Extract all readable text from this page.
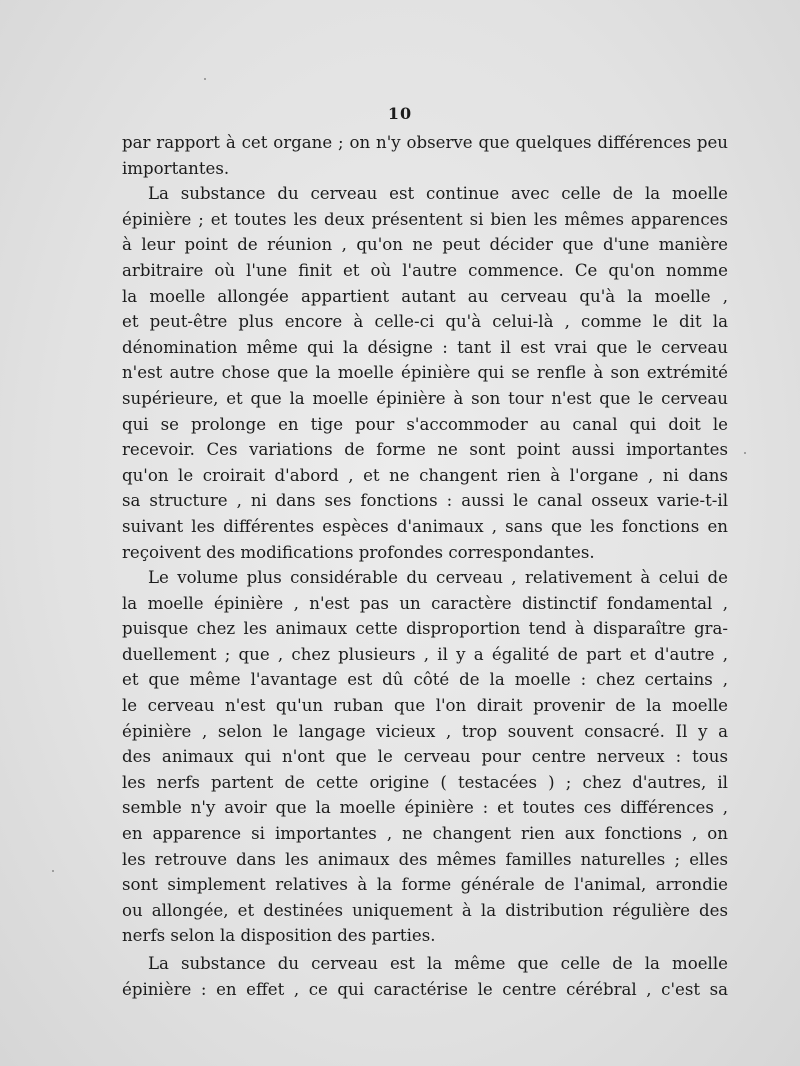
10
par rapport à cet organe ; on n'y observe que quelques différences peu
importantes.
La substance du cerveau est continue avec celle de la moelle
épinière ; et toutes les deux présentent si bien les mêmes apparences
à leur point de réunion , qu'on ne peut décider que d'une manière
arbitraire où l'une finit et où l'autre commence. Ce qu'on nomme
la moelle allongée appartient autant au cerveau qu'à la moelle ,
et peut-être plus encore à celle-ci qu'à celui-là , comme le dit la
dénomination même qui la désigne : tant il est vrai que le cerveau
n'est autre chose que la moelle épinière qui se renfle à son extrémité
supérieure, et que la moelle épinière à son tour n'est que le cerveau
qui se prolonge en tige pour s'accommoder au canal qui doit le
recevoir. Ces variations de forme ne sont point aussi importantes
qu'on le croirait d'abord , et ne changent rien à l'organe , ni dans
sa structure , ni dans ses fonctions : aussi le canal osseux varie-t-il
suivant les différentes espèces d'animaux , sans que les fonctions en
reçoivent des modifications profondes correspondantes.
Le volume plus considérable du cerveau , relativement à celui de
la moelle épinière , n'est pas un caractère distinctif fondamental ,
puisque chez les animaux cette disproportion tend à disparaître gra-
duellement ; que , chez plusieurs , il y a égalité de part et d'autre ,
et que même l'avantage est dû côté de la moelle : chez certains ,
le cerveau n'est qu'un ruban que l'on dirait provenir de la moelle
épinière , selon le langage vicieux , trop souvent consacré. Il y a
des animaux qui n'ont que le cerveau pour centre nerveux : tous
les nerfs partent de cette origine ( testacées ) ; chez d'autres, il
semble n'y avoir que la moelle épinière : et toutes ces différences ,
en apparence si importantes , ne changent rien aux fonctions , on
les retrouve dans les animaux des mêmes familles naturelles ; elles
sont simplement relatives à la forme générale de l'animal, arrondie
ou allongée, et destinées uniquement à la distribution régulière des
nerfs selon la disposition des parties.
La substance du cerveau est la même que celle de la moelle
épinière : en effet , ce qui caractérise le centre cérébral , c'est sa
